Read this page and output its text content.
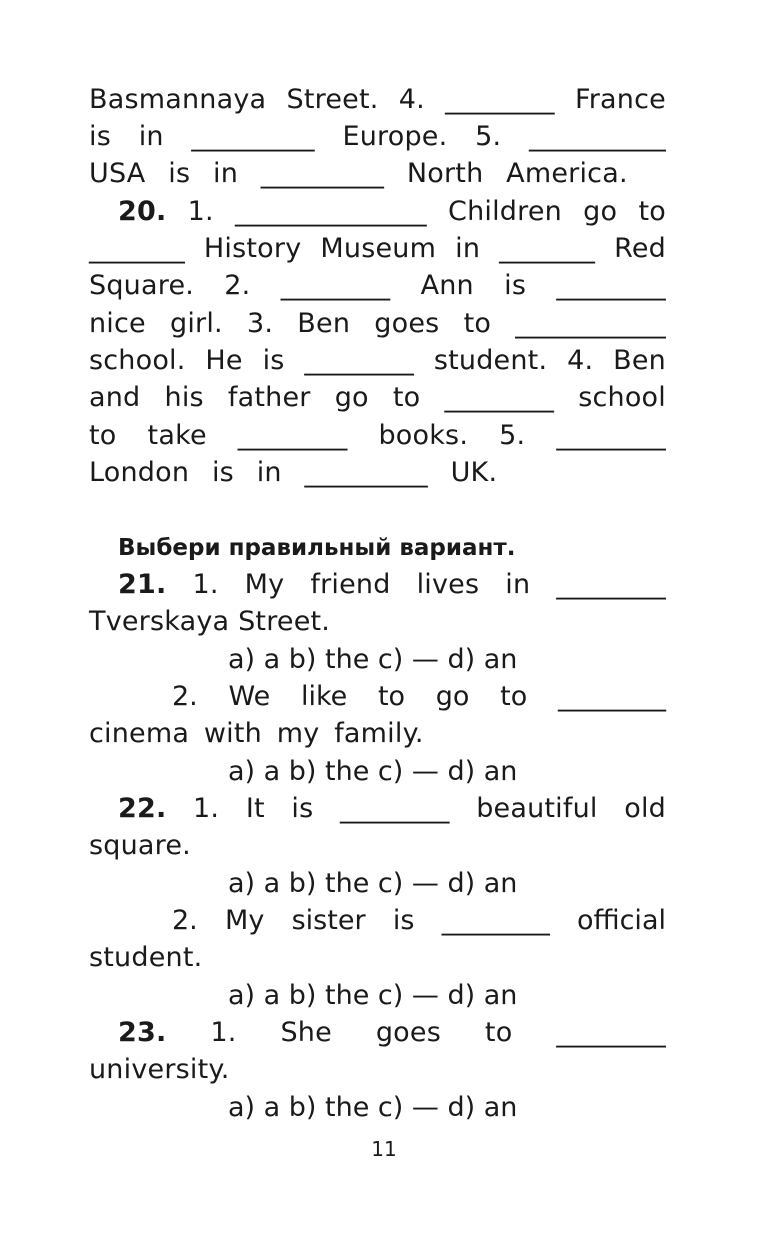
Basmannaya Street. 4. ________ France
is in _________ Europe. 5. __________
USA is in _________ North America.
20. 1. ______________ Children go to
_______ History Museum in _______ Red
Square. 2. ________ Ann is ________
nice girl. 3. Ben goes to ___________
school. He is ________ student. 4. Ben
and his father go to ________ school
to take ________ books. 5. ________
London is in _________ UK.
Выбери правильный вариант.
21. 1. My friend lives in ________
Tverskaya Street.
a) a b) the c) — d) an
2. We like to go to ________
cinema with my family.
a) a b) the c) — d) an
22. 1. It is ________ beautiful old
square.
a) a b) the c) — d) an
2. My sister is ________ official
student.
a) a b) the c) — d) an
23. 1. She goes to ________
university.
a) a b) the c) — d) an
11
